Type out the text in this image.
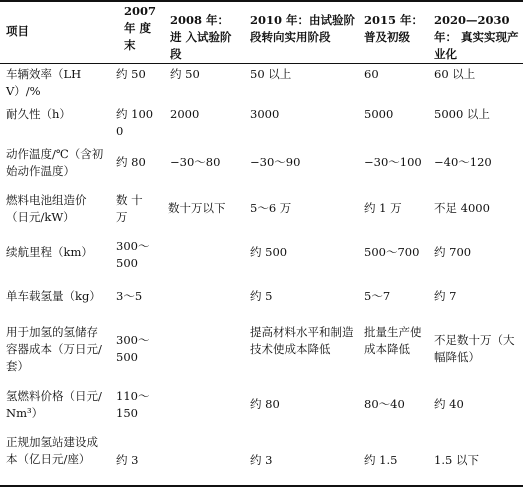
项目	2007 年 度 末	2008 年：进 入试验阶段	2010 年：由试验阶 段转向实用阶段	2015 年： 普及初级	2020—2030 年： 真实实现产业化
车辆效率（LHV）/%	约 50	约 50	50 以上	60	60 以上
耐久性（h）	约 1000	2000	3000	5000	5000 以上
动作温度/℃（含初始动作温度）	约 80	−30〜80	−30〜90	−30〜100	−40〜120
燃料电池组造价（日元/kW）	数 十 万	数十万以下	5〜6 万	约 1 万	不足 4000
续航里程（km）	300〜 500		约 500	500〜700	约 700
单车载氢量（kg）	3〜5		约 5	5〜7	约 7
用于加氢的氢储存容器成本（万日元/套）	300〜 500		提高材料水平和制造技术使成本降低	批量生产使成本降低	不足数十万（大幅降低）
氢燃料价格（日元/Nm³）	110〜 150		约 80	80〜40	约 40
正规加氢站建设成本（亿日元/座）	约 3		约 3	约 1.5	1.5 以下
